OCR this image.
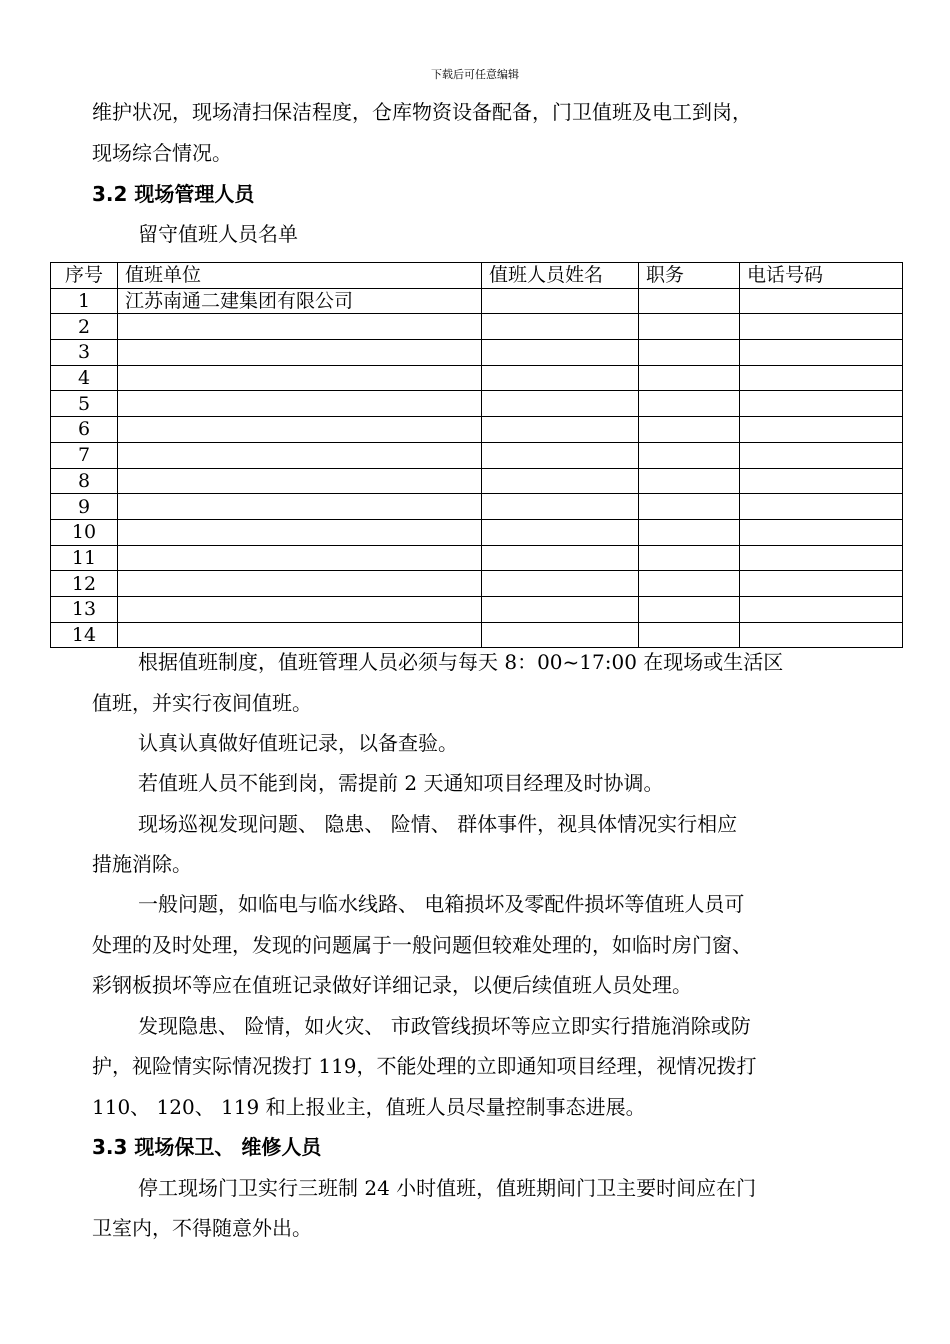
下载后可任意编辑
维护状况，现场清扫保洁程度，仓库物资设备配备，门卫值班及电工到岗，
现场综合情况。
3.2 现场管理人员
留守值班人员名单
序号	值班单位	值班人员姓名	职务	电话号码
1	江苏南通二建集团有限公司			
2				
3				
4				
5				
6				
7				
8				
9				
10				
11				
12				
13				
14				
根据值班制度，值班管理人员必须与每天 8：00~17:00 在现场或生活区
值班，并实行夜间值班。
认真认真做好值班记录，以备查验。
若值班人员不能到岗，需提前 2 天通知项目经理及时协调。
现场巡视发现问题、 隐患、 险情、 群体事件，视具体情况实行相应
措施消除。
一般问题，如临电与临水线路、 电箱损坏及零配件损坏等值班人员可
处理的及时处理，发现的问题属于一般问题但较难处理的，如临时房门窗、
彩钢板损坏等应在值班记录做好详细记录，以便后续值班人员处理。
发现隐患、 险情，如火灾、 市政管线损坏等应立即实行措施消除或防
护，视险情实际情况拨打 119，不能处理的立即通知项目经理，视情况拨打
110、 120、 119 和上报业主，值班人员尽量控制事态进展。
3.3 现场保卫、 维修人员
停工现场门卫实行三班制 24 小时值班，值班期间门卫主要时间应在门
卫室内，不得随意外出。
